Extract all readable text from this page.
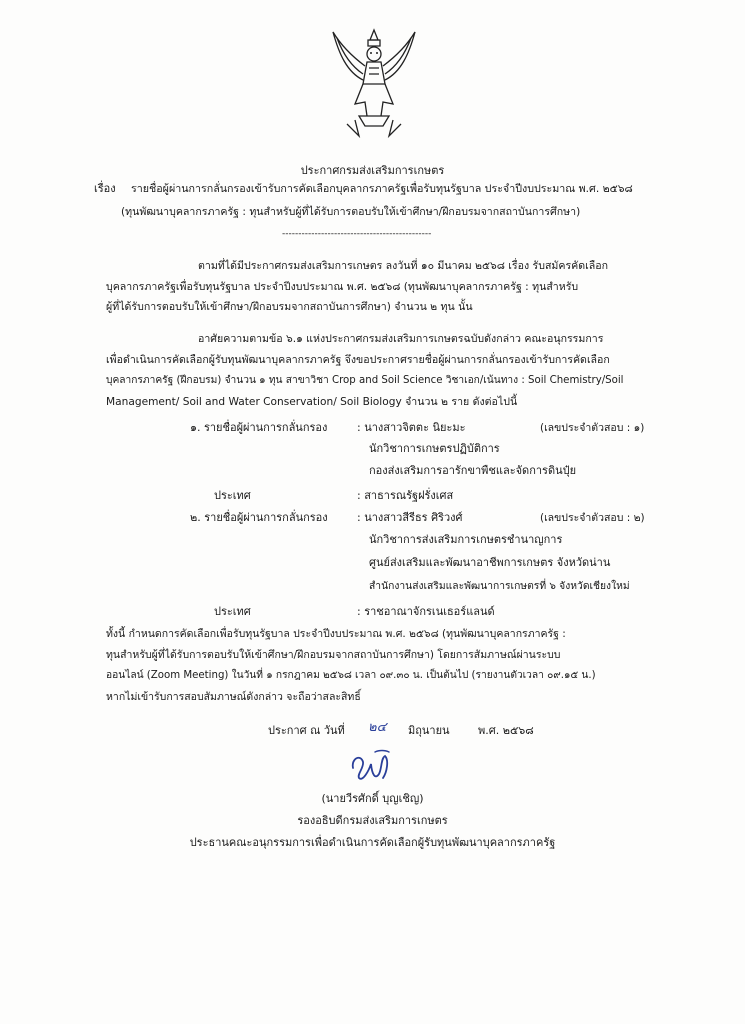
ประกาศกรมส่งเสริมการเกษตร
เรื่อง รายชื่อผู้ผ่านการกลั่นกรองเข้ารับการคัดเลือกบุคลากรภาครัฐเพื่อรับทุนรัฐบาล ประจำปีงบประมาณ พ.ศ. ๒๕๖๘
(ทุนพัฒนาบุคลากรภาครัฐ : ทุนสำหรับผู้ที่ได้รับการตอบรับให้เข้าศึกษา/ฝึกอบรมจากสถาบันการศึกษา)
----------------------------------------------
ตามที่ได้มีประกาศกรมส่งเสริมการเกษตร ลงวันที่ ๑๐ มีนาคม ๒๕๖๘ เรื่อง รับสมัครคัดเลือก
บุคลากรภาครัฐเพื่อรับทุนรัฐบาล ประจำปีงบประมาณ พ.ศ. ๒๕๖๘ (ทุนพัฒนาบุคลากรภาครัฐ : ทุนสำหรับ
ผู้ที่ได้รับการตอบรับให้เข้าศึกษา/ฝึกอบรมจากสถาบันการศึกษา) จำนวน ๒ ทุน นั้น
อาศัยความตามข้อ ๖.๑ แห่งประกาศกรมส่งเสริมการเกษตรฉบับดังกล่าว คณะอนุกรรมการ
เพื่อดำเนินการคัดเลือกผู้รับทุนพัฒนาบุคลากรภาครัฐ จึงขอประกาศรายชื่อผู้ผ่านการกลั่นกรองเข้ารับการคัดเลือก
บุคลากรภาครัฐ (ฝึกอบรม) จำนวน ๑ ทุน สาขาวิชา Crop and Soil Science วิชาเอก/เน้นทาง : Soil Chemistry/Soil
Management/ Soil and Water Conservation/ Soil Biology จำนวน ๒ ราย ดังต่อไปนี้
๑. รายชื่อผู้ผ่านการกลั่นกรอง	: นางสาวจิตตะ นิยะมะ	(เลขประจำตัวสอบ : ๑)
นักวิชาการเกษตรปฏิบัติการ
กองส่งเสริมการอารักขาพืชและจัดการดินปุ๋ย
ประเทศ	: สาธารณรัฐฝรั่งเศส
๒. รายชื่อผู้ผ่านการกลั่นกรอง	: นางสาวสีรีธร ศิริวงศ์	(เลขประจำตัวสอบ : ๒)
นักวิชาการส่งเสริมการเกษตรชำนาญการ
ศูนย์ส่งเสริมและพัฒนาอาชีพการเกษตร จังหวัดน่าน
สำนักงานส่งเสริมและพัฒนาการเกษตรที่ ๖ จังหวัดเชียงใหม่
ประเทศ	: ราชอาณาจักรเนเธอร์แลนด์
ทั้งนี้ กำหนดการคัดเลือกเพื่อรับทุนรัฐบาล ประจำปีงบประมาณ พ.ศ. ๒๕๖๘ (ทุนพัฒนาบุคลากรภาครัฐ :
ทุนสำหรับผู้ที่ได้รับการตอบรับให้เข้าศึกษา/ฝึกอบรมจากสถาบันการศึกษา) โดยการสัมภาษณ์ผ่านระบบ
ออนไลน์ (Zoom Meeting) ในวันที่ ๑ กรกฎาคม ๒๕๖๘ เวลา ๐๙.๓๐ น. เป็นต้นไป (รายงานตัวเวลา ๐๙.๑๕ น.)
หากไม่เข้ารับการสอบสัมภาษณ์ดังกล่าว จะถือว่าสละสิทธิ์
ประกาศ ณ วันที่ ๒๔ มิถุนายน	พ.ศ. ๒๕๖๘
(นายวีรศักดิ์ บุญเชิญ)
รองอธิบดีกรมส่งเสริมการเกษตร
ประธานคณะอนุกรรมการเพื่อดำเนินการคัดเลือกผู้รับทุนพัฒนาบุคลากรภาครัฐ
